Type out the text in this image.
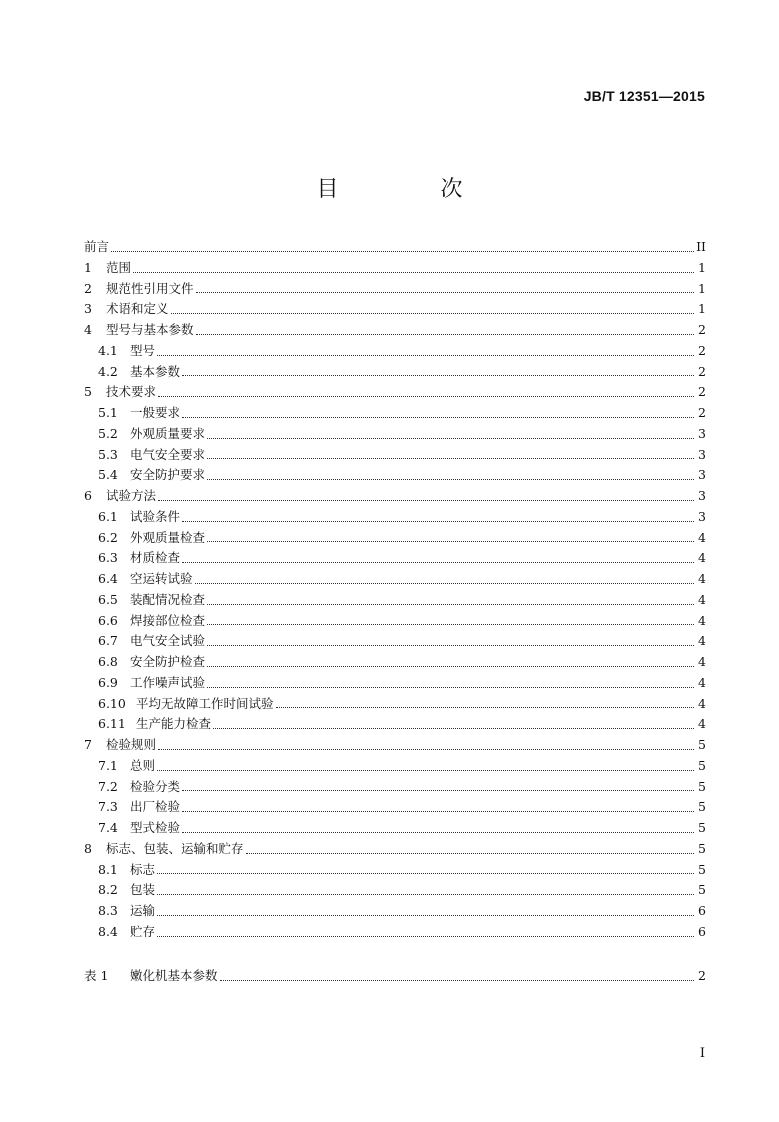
JB/T 12351—2015
目　次
前言	II
1	范围	1
2	规范性引用文件	1
3	术语和定义	1
4	型号与基本参数	2
4.1 型号	2
4.2 基本参数	2
5	技术要求	2
5.1 一般要求	2
5.2 外观质量要求	3
5.3 电气安全要求	3
5.4 安全防护要求	3
6	试验方法	3
6.1 试验条件	3
6.2 外观质量检查	4
6.3 材质检查	4
6.4 空运转试验	4
6.5 装配情况检查	4
6.6 焊接部位检查	4
6.7 电气安全试验	4
6.8 安全防护检查	4
6.9 工作噪声试验	4
6.10 平均无故障工作时间试验	4
6.11 生产能力检查	4
7	检验规则	5
7.1 总则	5
7.2 检验分类	5
7.3 出厂检验	5
7.4 型式检验	5
8	标志、包装、运输和贮存	5
8.1 标志	5
8.2 包装	5
8.3 运输	6
8.4 贮存	6
表 1	嫩化机基本参数	2
I
